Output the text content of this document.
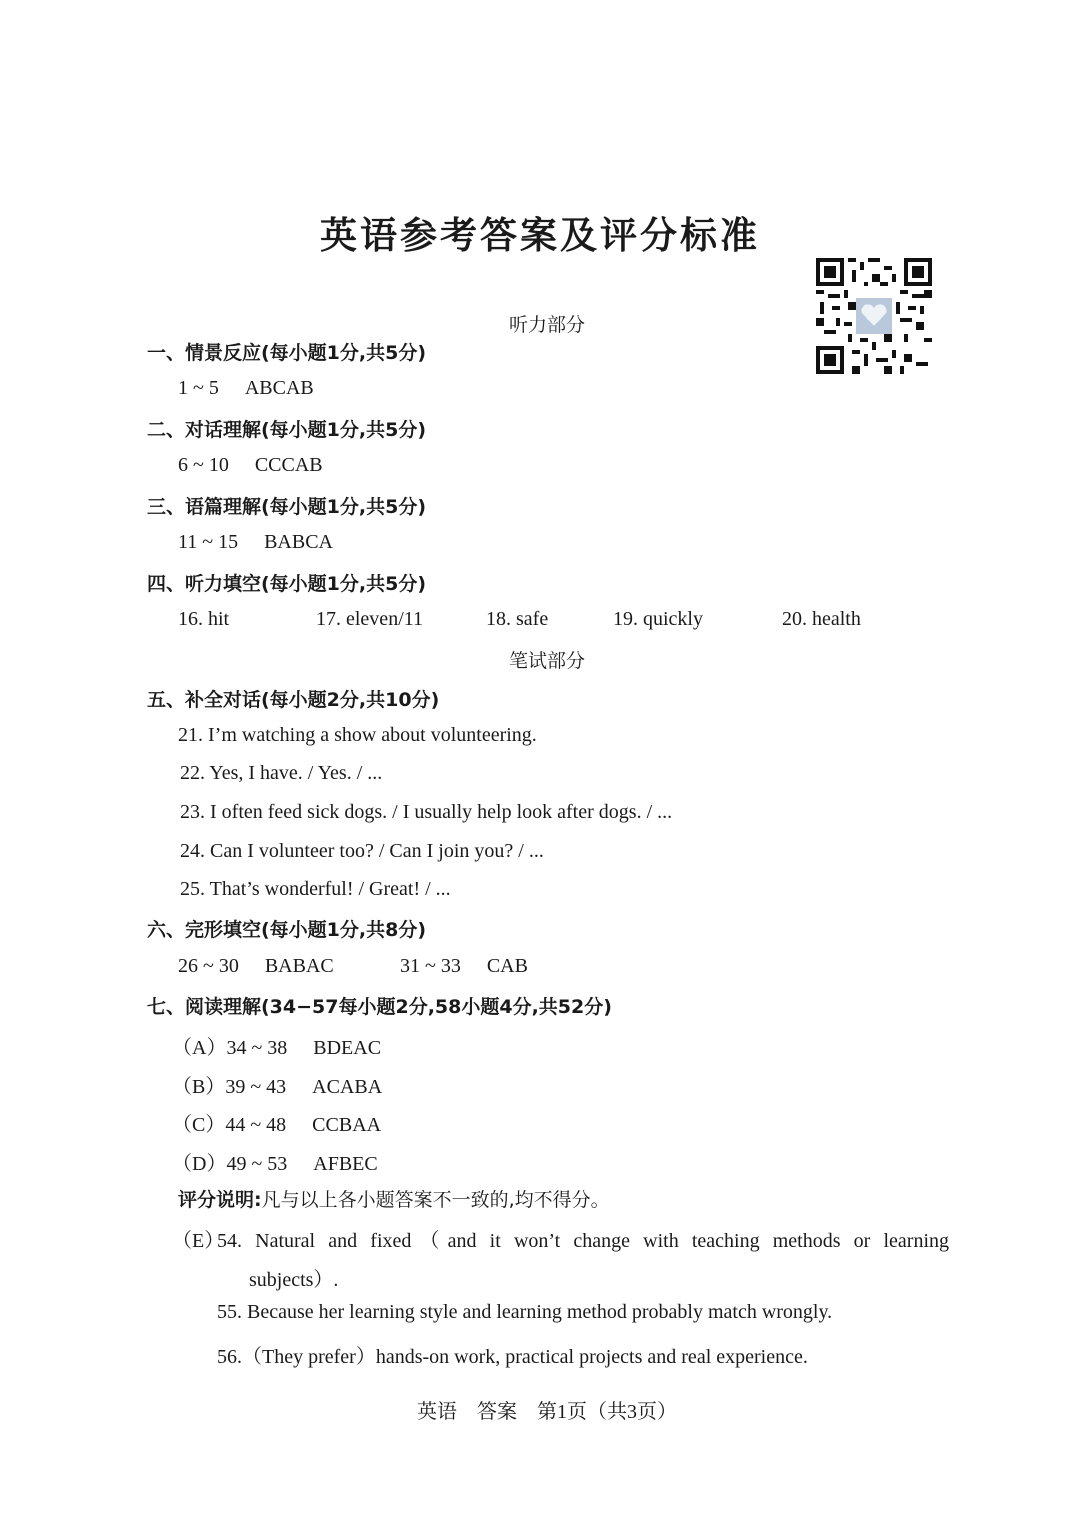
英语参考答案及评分标准
听力部分
一、情景反应(每小题1分,共5分)
1 ~ 5 ABCAB
二、对话理解(每小题1分,共5分)
6 ~ 10 CCCAB
三、语篇理解(每小题1分,共5分)
11 ~ 15 BABCA
四、听力填空(每小题1分,共5分)
16. hit	17. eleven/11	18. safe	19. quickly	20. health
笔试部分
五、补全对话(每小题2分,共10分)
21. I’m watching a show about volunteering.
22. Yes, I have. / Yes. / ...
23. I often feed sick dogs. / I usually help look after dogs. / ...
24. Can I volunteer too? / Can I join you? / ...
25. That’s wonderful! / Great! / ...
六、完形填空(每小题1分,共8分)
26 ~ 30 BABAC	31 ~ 33 CAB
七、阅读理解(34−57每小题2分,58小题4分,共52分)
（A）34 ~ 38 BDEAC
（B）39 ~ 43 ACABA
（C）44 ~ 48 CCBAA
（D）49 ~ 53 AFBEC
评分说明:凡与以上各小题答案不一致的,均不得分。
（E）
54. Natural and fixed（and it won’t change with teaching methods or learning
subjects）.
55. Because her learning style and learning method probably match wrongly.
56.（They prefer）hands-on work, practical projects and real experience.
英语　答案　第1页（共3页）
